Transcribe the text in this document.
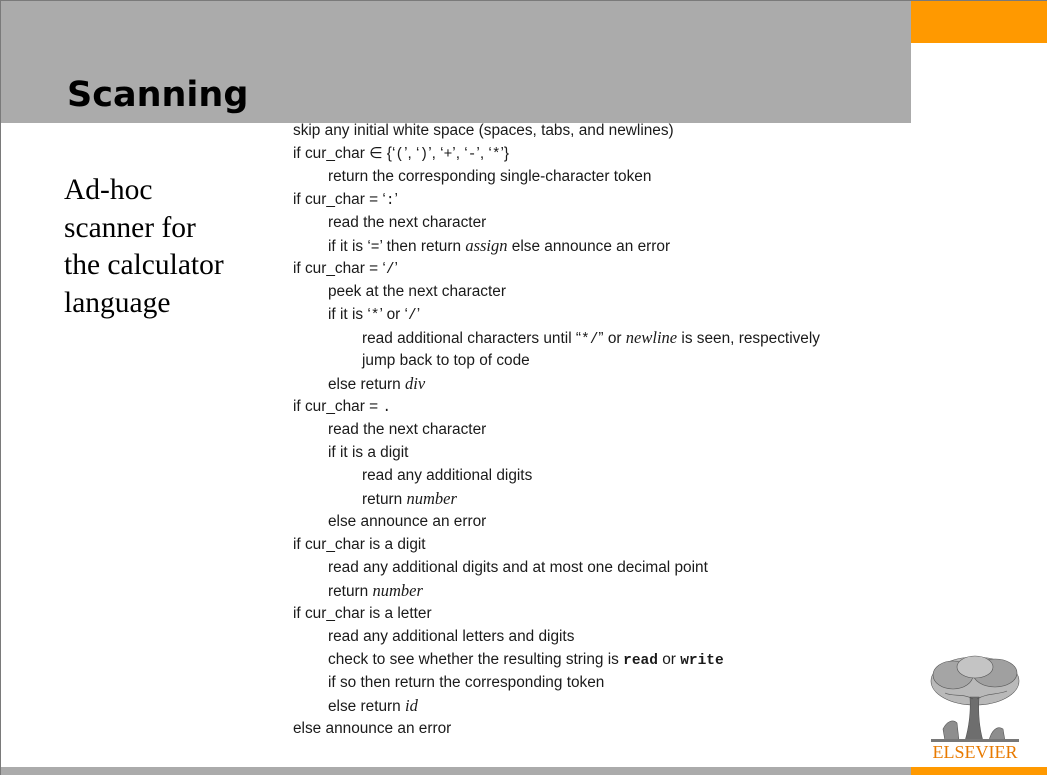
Scanning
Ad-hoc
scanner for
the calculator
language
skip any initial white space (spaces, tabs, and newlines)
if cur_char ∈ {‘(’, ‘)’, ‘+’, ‘-’, ‘*’}
return the corresponding single-character token
if cur_char = ‘:’
read the next character
if it is ‘=’ then return assign else announce an error
if cur_char = ‘/’
peek at the next character
if it is ‘*’ or ‘/’
read additional characters until “*/” or newline is seen, respectively
jump back to top of code
else return div
if cur_char = .
read the next character
if it is a digit
read any additional digits
return number
else announce an error
if cur_char is a digit
read any additional digits and at most one decimal point
return number
if cur_char is a letter
read any additional letters and digits
check to see whether the resulting string is read or write
if so then return the corresponding token
else return id
else announce an error
ELSEVIER
